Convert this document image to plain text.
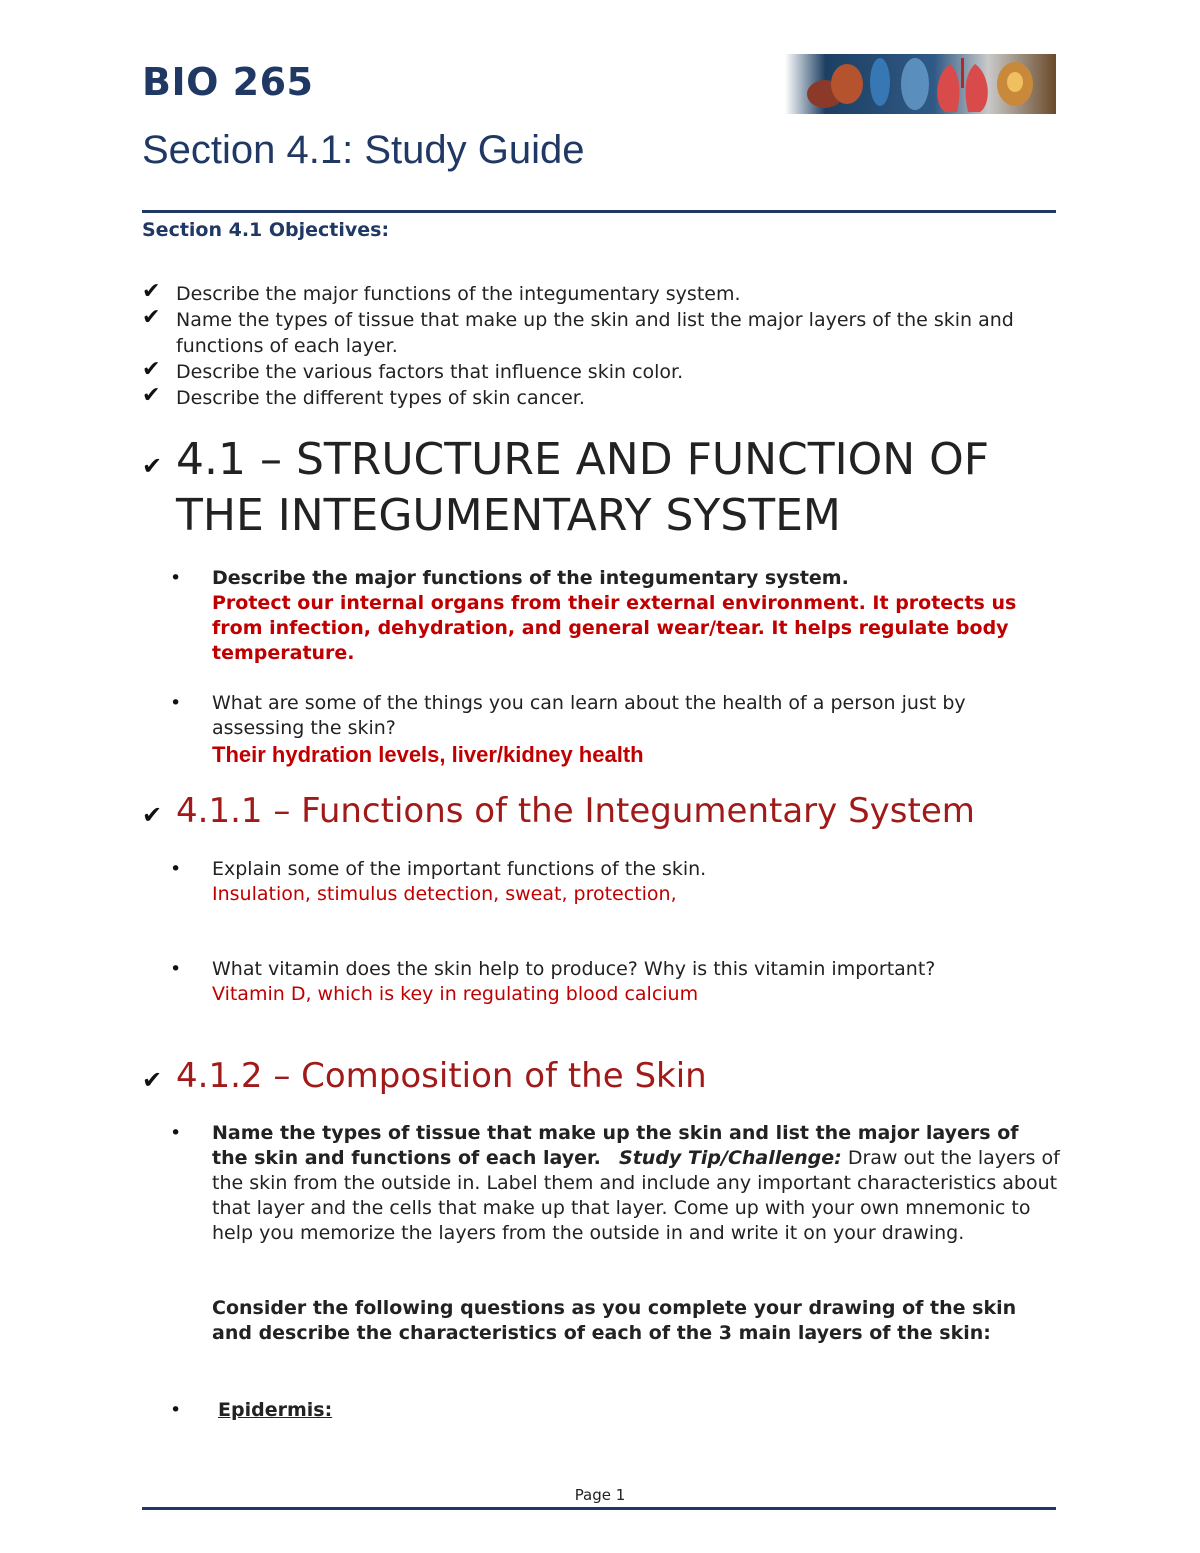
BIO 265
Section 4.1: Study Guide
Section 4.1 Objectives:
✔ Describe the major functions of the integumentary system.
✔ Name the types of tissue that make up the skin and list the major layers of the skin and functions of each layer.
✔ Describe the various factors that influence skin color.
✔ Describe the different types of skin cancer.
✔ 4.1 – STRUCTURE AND FUNCTION OF THE INTEGUMENTARY SYSTEM
• Describe the major functions of the integumentary system.
Protect our internal organs from their external environment. It protects us from infection, dehydration, and general wear/tear. It helps regulate body temperature.
• What are some of the things you can learn about the health of a person just by assessing the skin?
Their hydration levels, liver/kidney health
✔ 4.1.1 – Functions of the Integumentary System
• Explain some of the important functions of the skin.
Insulation, stimulus detection, sweat, protection,
• What vitamin does the skin help to produce? Why is this vitamin important?
Vitamin D, which is key in regulating blood calcium
✔ 4.1.2 – Composition of the Skin
• Name the types of tissue that make up the skin and list the major layers of the skin and functions of each layer. Study Tip/Challenge: Draw out the layers of the skin from the outside in. Label them and include any important characteristics about that layer and the cells that make up that layer. Come up with your own mnemonic to help you memorize the layers from the outside in and write it on your drawing.
Consider the following questions as you complete your drawing of the skin and describe the characteristics of each of the 3 main layers of the skin:
• Epidermis:
Page 1
